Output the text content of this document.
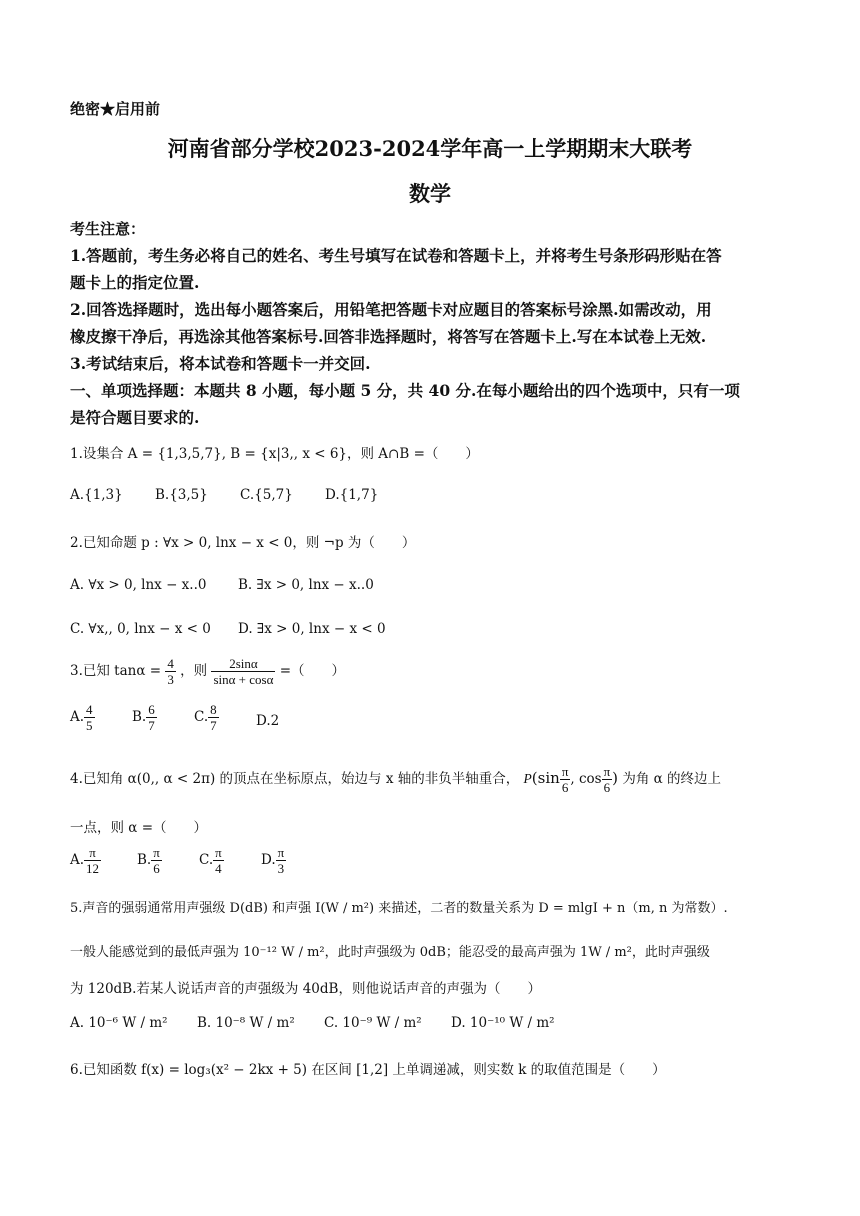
绝密★启用前
河南省部分学校2023-2024学年高一上学期期末大联考
数学
考生注意：
1.答题前，考生务必将自己的姓名、考生号填写在试卷和答题卡上，并将考生号条形码形贴在答
题卡上的指定位置.
2.回答选择题时，选出每小题答案后，用铅笔把答题卡对应题目的答案标号涂黑.如需改动，用
橡皮擦干净后，再选涂其他答案标号.回答非选择题时，将答写在答题卡上.写在本试卷上无效.
3.考试结束后，将本试卷和答题卡一并交回.
一、单项选择题：本题共 8 小题，每小题 5 分，共 40 分.在每小题给出的四个选项中，只有一项
是符合题目要求的.
1.设集合 A = {1,3,5,7}, B = {x|3,, x < 6}，则 A∩B =（　　）
A.{1,3} B.{3,5} C.{5,7} D.{1,7}
2.已知命题 p : ∀x > 0, lnx − x < 0，则 ¬p 为（　　）
A. ∀x > 0, lnx − x..0 B. ∃x > 0, lnx − x..0
C. ∀x,, 0, lnx − x < 0 D. ∃x > 0, lnx − x < 0
3.已知 $\tan\alpha = \frac{4}{3}$ ，则 $\frac{2\sin\alpha}{\sin\alpha + \cos\alpha}$ =（　　）
A. $\frac{4}{5}$	B. $\frac{6}{7}$	C. $\frac{8}{7}$	D.2
4.已知角 α(0,, α < 2π) 的顶点在坐标原点，始边与 x 轴的非负半轴重合， $P(\sin \frac{\pi}{6}$ , $\cos \frac{\pi}{6}$ ) 为角 α 的终边上
一点，则 α =（　　）
A. $\frac{\pi}{12}$	B. $\frac{\pi}{6}$	C. $\frac{\pi}{4}$	D. $\frac{\pi}{3}$
5.声音的强弱通常用声强级 D(dB) 和声强 I(W / m²) 来描述，二者的数量关系为 D = mlgI + n（m, n 为常数）.
一般人能感觉到的最低声强为 10⁻¹² W / m²，此时声强级为 0dB；能忍受的最高声强为 1W / m²，此时声强级
为 120dB.若某人说话声音的声强级为 40dB，则他说话声音的声强为（　　）
A. 10⁻⁶ W / m² B. 10⁻⁸ W / m² C. 10⁻⁹ W / m² D. 10⁻¹⁰ W / m²
6.已知函数 f(x) = log₃(x² − 2kx + 5) 在区间 [1,2] 上单调递减，则实数 k 的取值范围是（　　）
